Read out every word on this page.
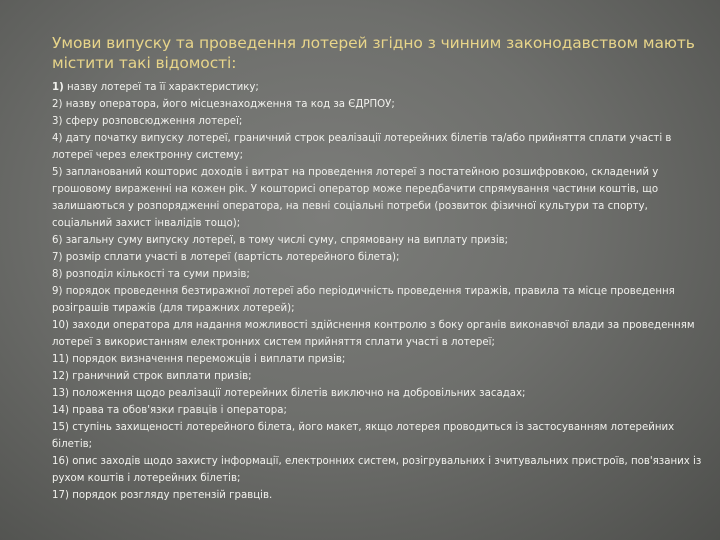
Умови випуску та проведення лотерей згідно з чинним законодавством мають містити такі відомості:
1) назву лотереї та її характеристику;
2) назву оператора, його місцезнаходження та код за ЄДРПОУ;
3) сферу розповсюдження лотереї;
4) дату початку випуску лотереї, граничний строк реалізації лотерейних білетів та/або прийняття сплати участі в лотереї через електронну систему;
5) запланований кошторис доходів і витрат на проведення лотереї з постатейною розшифровкою, складений у грошовому вираженні на кожен рік. У кошторисі оператор може передбачити спрямування частини коштів, що залишаються у розпорядженні оператора, на певні соціальні потреби (розвиток фізичної культури та спорту, соціальний захист інвалідів тощо);
6) загальну суму випуску лотереї, в тому числі суму, спрямовану на виплату призів;
7) розмір сплати участі в лотереї (вартість лотерейного білета);
8) розподіл кількості та суми призів;
9) порядок проведення безтиражної лотереї або періодичність проведення тиражів, правила та місце проведення розіграшів тиражів (для тиражних лотерей);
10) заходи оператора для надання можливості здійснення контролю з боку органів виконавчої влади за проведенням лотереї з використанням електронних систем прийняття сплати участі в лотереї;
11) порядок визначення переможців і виплати призів;
12) граничний строк виплати призів;
13) положення щодо реалізації лотерейних білетів виключно на добровільних засадах;
14) права та обов'язки гравців і оператора;
15) ступінь захищеності лотерейного білета, його макет, якщо лотерея проводиться із застосуванням лотерейних білетів;
16) опис заходів щодо захисту інформації, електронних систем, розігрувальних і зчитувальних пристроїв, пов'язаних із рухом коштів і лотерейних білетів;
17) порядок розгляду претензій гравців.
